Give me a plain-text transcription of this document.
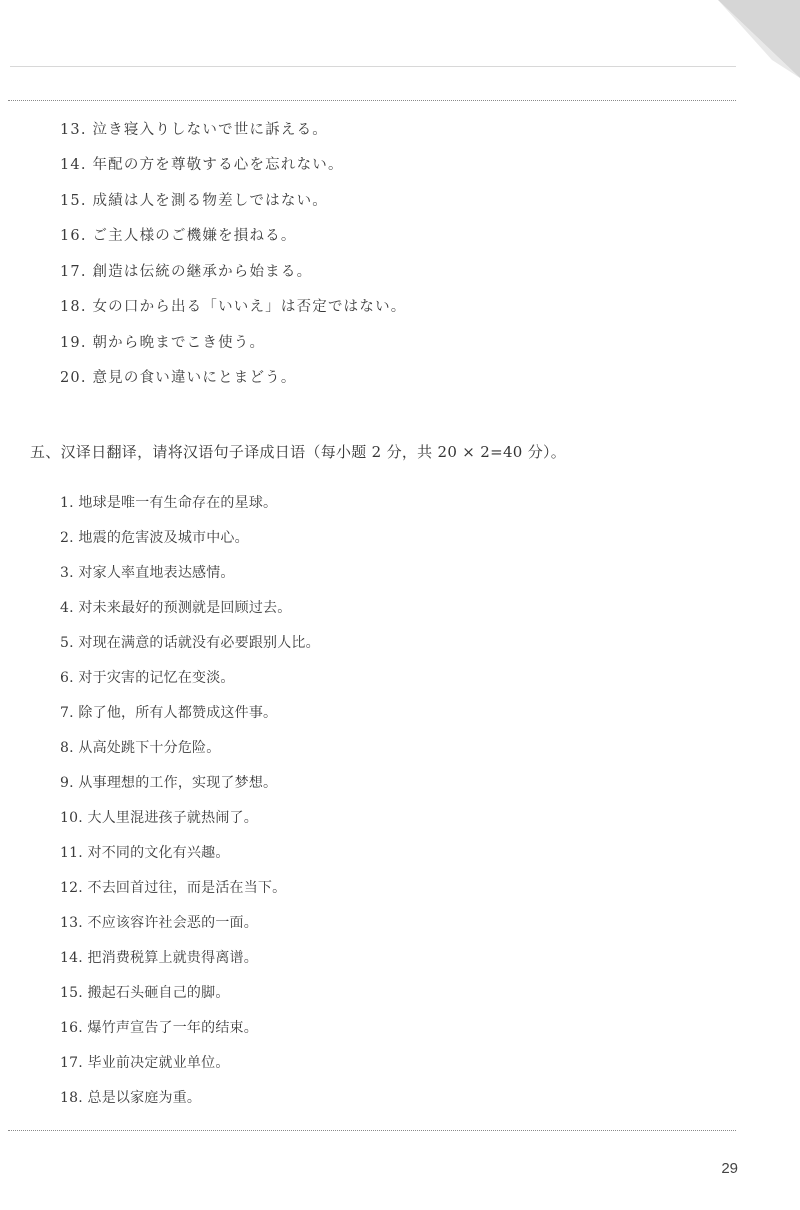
13. 泣き寝入りしないで世に訴える。
14. 年配の方を尊敬する心を忘れない。
15. 成績は人を測る物差しではない。
16. ご主人様のご機嫌を損ねる。
17. 創造は伝統の継承から始まる。
18. 女の口から出る「いいえ」は否定ではない。
19. 朝から晩までこき使う。
20. 意見の食い違いにとまどう。
五、汉译日翻译，请将汉语句子译成日语（每小题 2 分，共 20 × 2=40 分）。
1. 地球是唯一有生命存在的星球。
2. 地震的危害波及城市中心。
3. 对家人率直地表达感情。
4. 对未来最好的预测就是回顾过去。
5. 对现在满意的话就没有必要跟别人比。
6. 对于灾害的记忆在变淡。
7. 除了他，所有人都赞成这件事。
8. 从高处跳下十分危险。
9. 从事理想的工作，实现了梦想。
10. 大人里混进孩子就热闹了。
11. 对不同的文化有兴趣。
12. 不去回首过往，而是活在当下。
13. 不应该容许社会恶的一面。
14. 把消费税算上就贵得离谱。
15. 搬起石头砸自己的脚。
16. 爆竹声宣告了一年的结束。
17. 毕业前决定就业单位。
18. 总是以家庭为重。
29
